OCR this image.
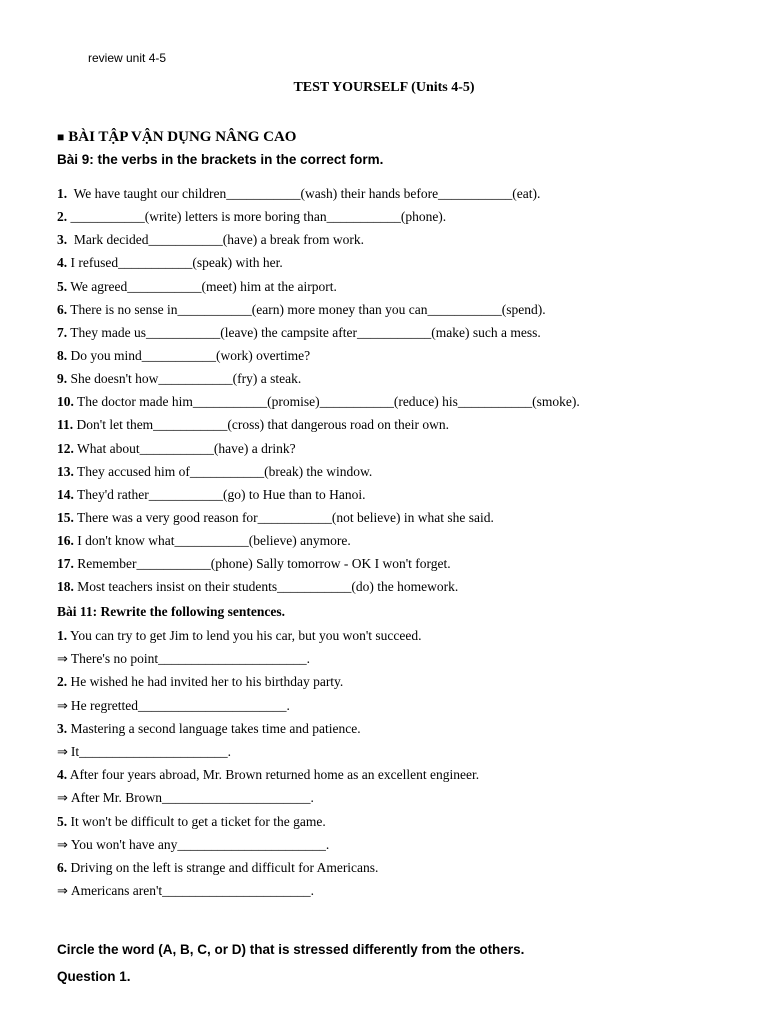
review unit 4-5
TEST YOURSELF (Units 4-5)
■ BÀI TẬP VẬN DỤNG NÂNG CAO
Bài 9: the verbs in the brackets in the correct form.
1.  We have taught our children___________(wash) their hands before___________(eat).
2. ___________(write) letters is more boring than___________(phone).
3.  Mark decided___________(have) a break from work.
4. I refused___________(speak) with her.
5. We agreed___________(meet) him at the airport.
6. There is no sense in___________(earn) more money than you can___________(spend).
7. They made us___________(leave) the campsite after___________(make) such a mess.
8. Do you mind___________(work) overtime?
9. She doesn't how___________(fry) a steak.
10. The doctor made him___________(promise)___________(reduce) his___________(smoke).
11. Don't let them___________(cross) that dangerous road on their own.
12. What about___________(have) a drink?
13. They accused him of___________(break) the window.
14. They'd rather___________(go) to Hue than to Hanoi.
15. There was a very good reason for___________(not believe) in what she said.
16. I don't know what___________(believe) anymore.
17. Remember___________(phone) Sally tomorrow - OK I won't forget.
18. Most teachers insist on their students___________(do) the homework.
Bài 11: Rewrite the following sentences.
1. You can try to get Jim to lend you his car, but you won't succeed.
⇒ There's no point______________________.
2. He wished he had invited her to his birthday party.
⇒ He regretted______________________.
3. Mastering a second language takes time and patience.
⇒ It______________________.
4. After four years abroad, Mr. Brown returned home as an excellent engineer.
⇒ After Mr. Brown______________________.
5. It won't be difficult to get a ticket for the game.
⇒ You won't have any______________________.
6. Driving on the left is strange and difficult for Americans.
⇒ Americans aren't______________________.
Circle the word (A, B, C, or D) that is stressed differently from the others.
Question 1.
